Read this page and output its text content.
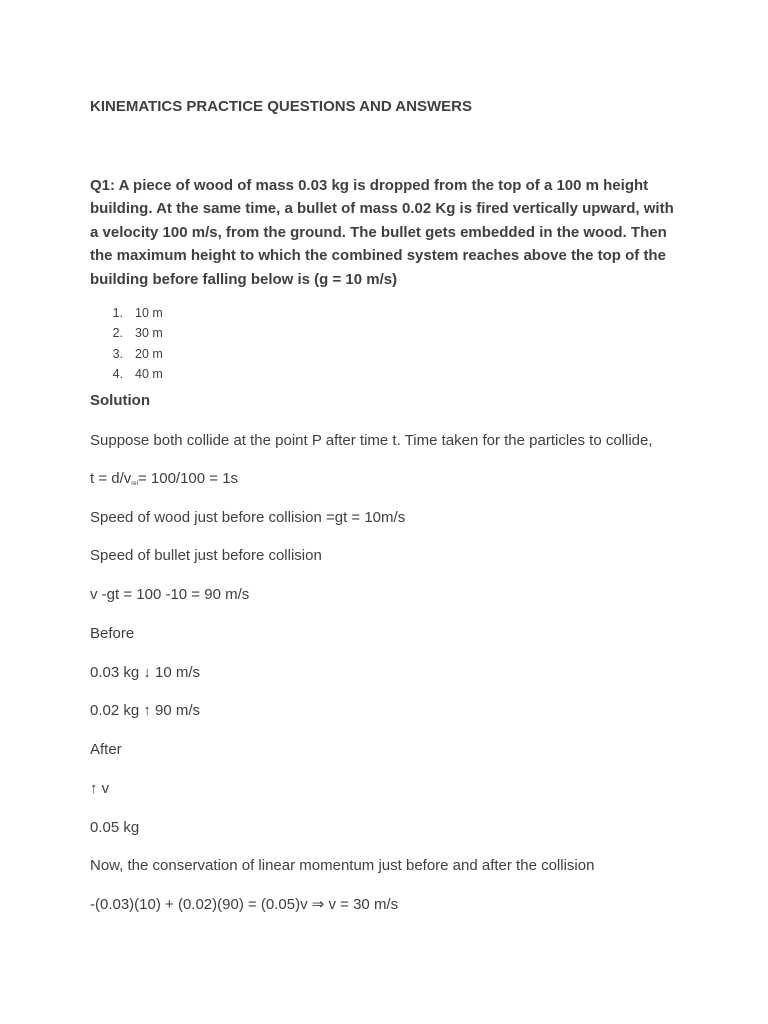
KINEMATICS PRACTICE QUESTIONS AND ANSWERS

Q1: A piece of wood of mass 0.03 kg is dropped from the top of a 100 m height building. At the same time, a bullet of mass 0.02 Kg is fired vertically upward, with a velocity 100 m/s, from the ground. The bullet gets embedded in the wood. Then the maximum height to which the combined system reaches above the top of the building before falling below is (g = 10 m/s)

1. 10 m
2. 30 m
3. 20 m
4. 40 m
Solution

Suppose both collide at the point P after time t. Time taken for the particles to collide,

$t = d/v_{rel}= 100/100 = 1s$

Speed of wood just before collision =gt = 10m/s

Speed of bullet just before collision

v -gt = 100 -10 = 90 m/s

Before

0.03 kg ↓ 10 m/s

0.02 kg ↑ 90 m/s

After

↑ v

0.05 kg

Now, the conservation of linear momentum just before and after the collision

-(0.03)(10) + (0.02)(90) = (0.05)v ⇒ v = 30 m/s
